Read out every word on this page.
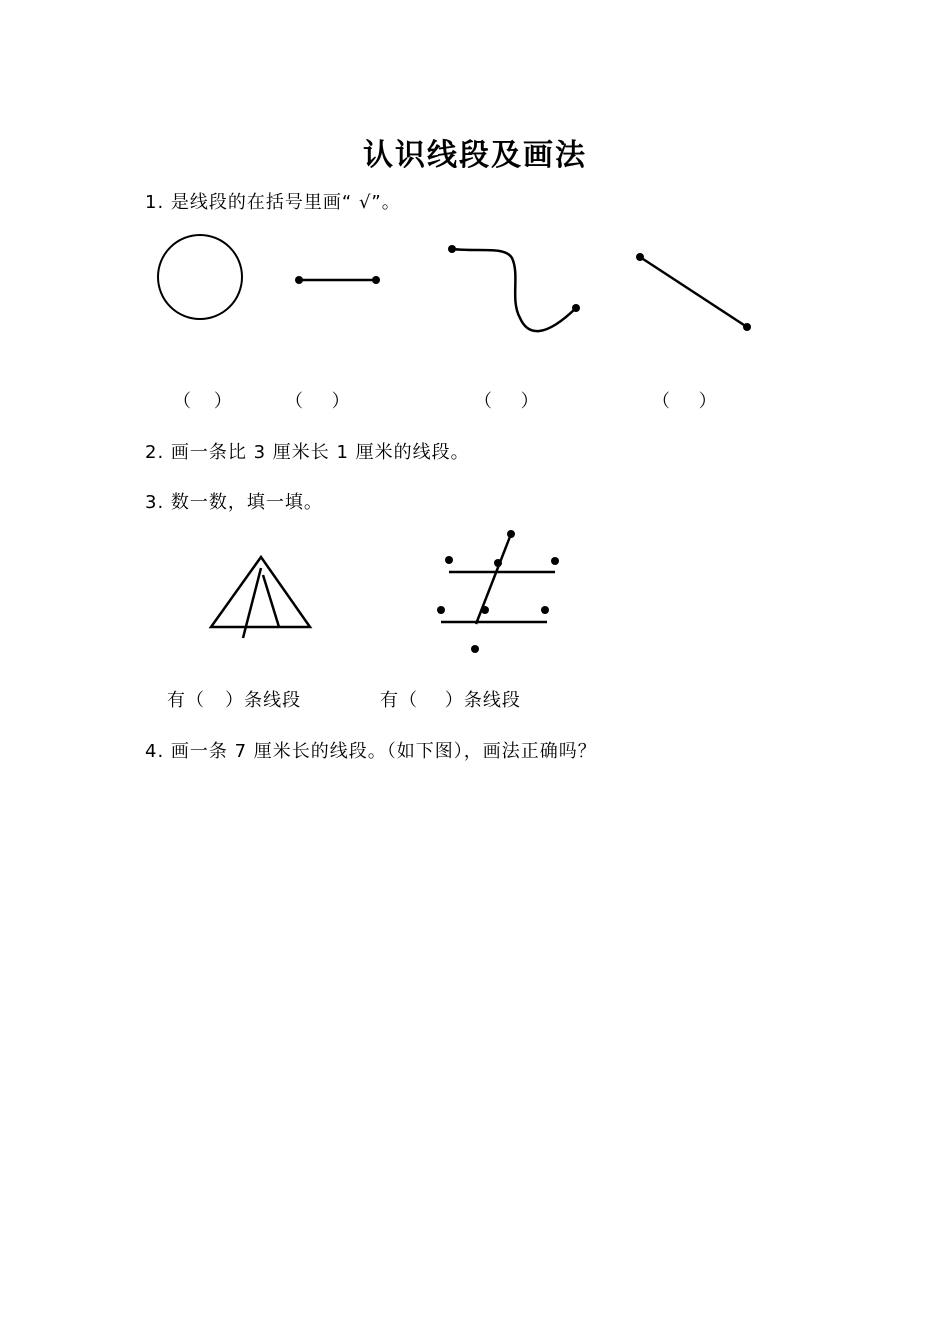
认识线段及画法
1. 是线段的在括号里画“ √”。
（    ）	（     ）	（     ）	（     ）
2. 画一条比 3 厘米长 1 厘米的线段。
3. 数一数，填一填。
有（   ）条线段	有（    ）条线段
4. 画一条 7 厘米长的线段。（如下图），画法正确吗？
